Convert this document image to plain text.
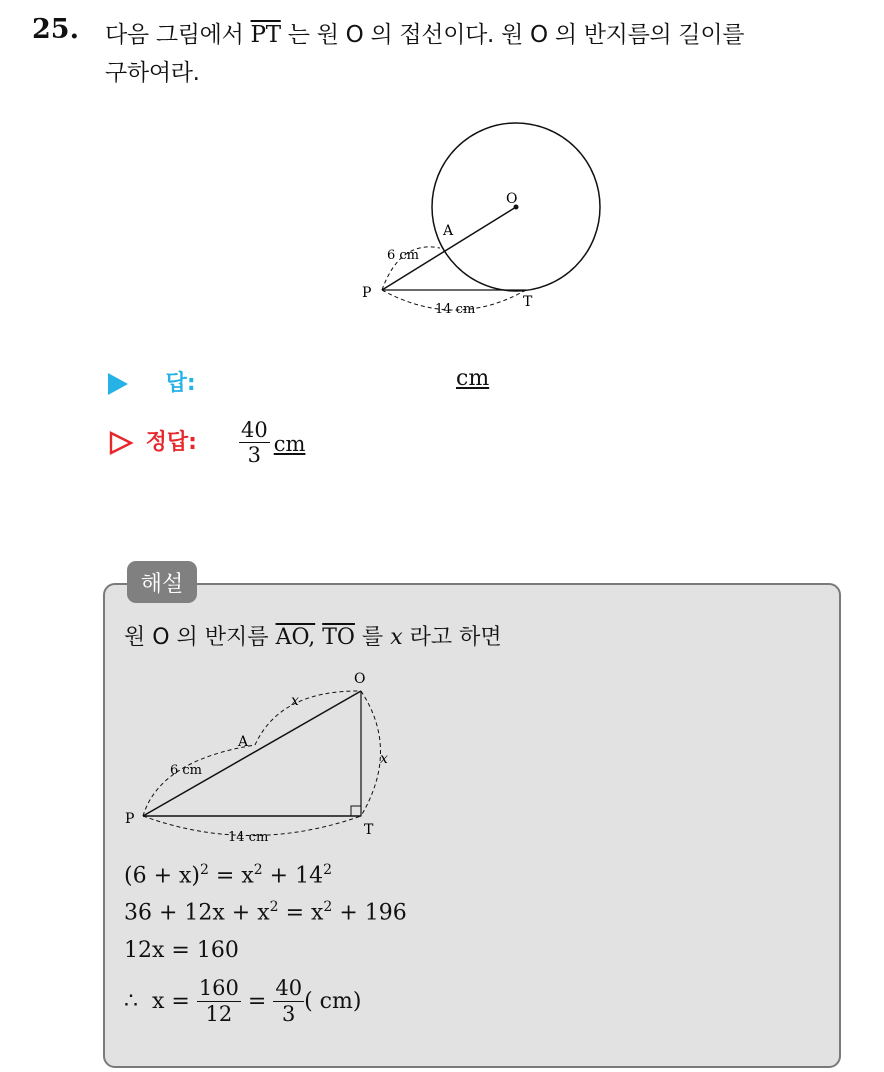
25. 다음 그림에서 $\overline{PT}$ 는 원 O 의 접선이다. 원 O 의 반지름의 길이를
구하여라.
O
A
P
T
6 cm
14 cm
답:	cm
정답: $\frac{40}{3}$ cm
해설
원 O 의 반지름 AO, $\overline{TO}$ 를 x 라고 하면
O
A
P
T
x
x
6 cm
14 cm
$(6 + x)^2 = x^2 + 14^2$
$36 + 12x + x^2 = x^2 + 196$
12x = 160
∴  $x = \frac{160}{12} = \frac{40}{3}$ ( cm)
